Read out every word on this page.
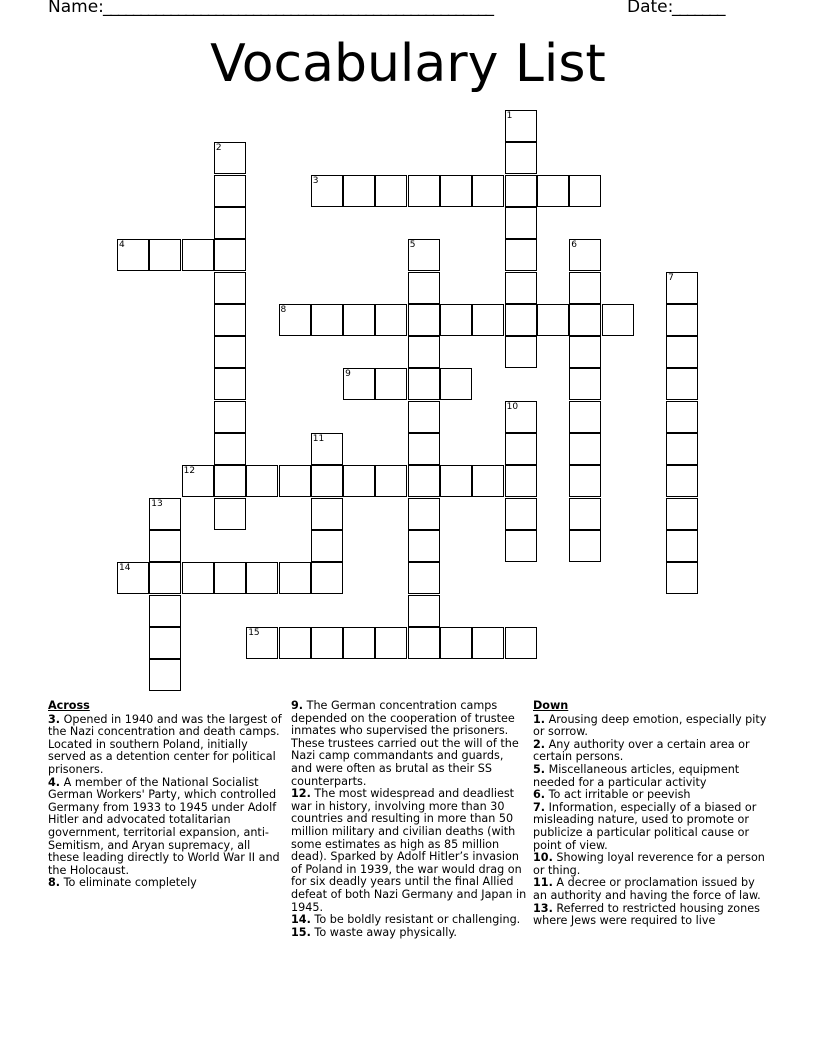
Name: ____________________________________________________	Date:
_______
Vocabulary List
1
2
3
4	5	6
7
8
9
10
11
12
13
14
15
Across
3. Opened in 1940 and was the largest of the Nazi concentration and death camps. Located in southern Poland, initially served as a detention center for political prisoners.
4. A member of the National Socialist German Workers' Party, which controlled Germany from 1933 to 1945 under Adolf Hitler and advocated totalitarian government, territorial expansion, anti-Semitism, and Aryan supremacy, all these leading directly to World War II and the Holocaust.
8. To eliminate completely
9. The German concentration camps depended on the cooperation of trustee inmates who supervised the prisoners. These trustees carried out the will of the Nazi camp commandants and guards, and were often as brutal as their SS counterparts.
12. The most widespread and deadliest war in history, involving more than 30 countries and resulting in more than 50 million military and civilian deaths (with some estimates as high as 85 million dead). Sparked by Adolf Hitler’s invasion of Poland in 1939, the war would drag on for six deadly years until the final Allied defeat of both Nazi Germany and Japan in 1945.
14. To be boldly resistant or challenging.
15. To waste away physically.
Down
1. Arousing deep emotion, especially pity or sorrow.
2. Any authority over a certain area or certain persons.
5. Miscellaneous articles, equipment needed for a particular activity
6. To act irritable or peevish
7. Information, especially of a biased or misleading nature, used to promote or publicize a particular political cause or point of view.
10. Showing loyal reverence for a person or thing.
11. A decree or proclamation issued by an authority and having the force of law.
13. Referred to restricted housing zones where Jews were required to live
